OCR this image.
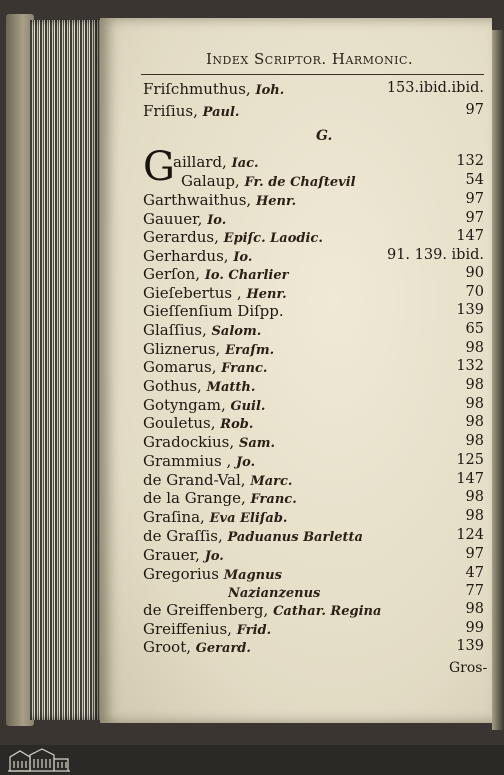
Index Scriptor. Harmonic.
G.
G
Friſchmuthus, Ioh.	153.ibid.ibid.
Friſius, Paul.	97
aillard, Iac.	132
Galaup, Fr. de Chaſtevil	54
Garthwaithus, Henr.	97
Gauuer, Io.	97
Gerardus, Epiſc. Laodic.	147
Gerhardus, Io.	91. 139. ibid.
Gerſon, Io. Charlier	90
Gieſebertus , Henr.	70
Gieſſenſium Diſpp.	139
Glaſſius, Salom.	65
Gliznerus, Eraſm.	98
Gomarus, Franc.	132
Gothus, Matth.	98
Gotyngam, Guil.	98
Gouletus, Rob.	98
Gradockius, Sam.	98
Grammius , Jo.	125
de Grand-Val, Marc.	147
de la Grange, Franc.	98
Graſina, Eva Eliſab.	98
de Graſſis, Paduanus Barletta	124
Grauer, Jo.	97
Gregorius Magnus	47
Nazianzenus	77
de Greiffenberg, Cathar. Regina	98
Greiffenius, Frid.	99
Groot, Gerard.	139
Gros-
